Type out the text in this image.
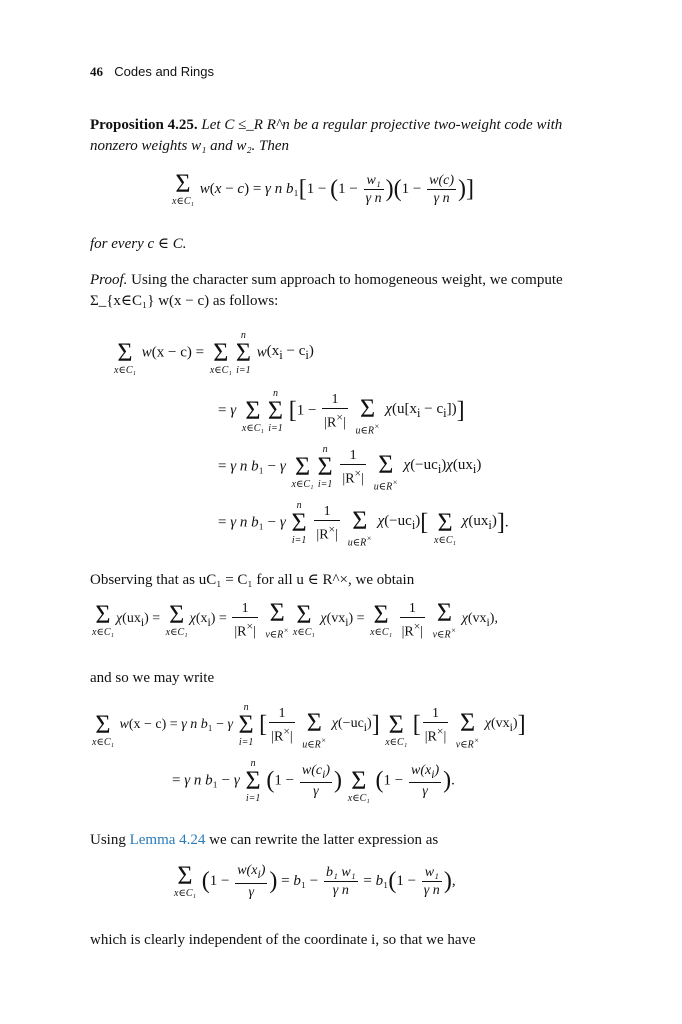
46 Codes and Rings
Proposition 4.25. Let C ≤_R R^n be a regular projective two-weight code with nonzero weights w₁ and w₂. Then
Σ
x∈C₁
w(x − c) = γ n $b_1[1 - (1 - \frac{\text{w₁}}{\text{γ n}} )(1 - \frac{w(c)}{\text{γ n}}$ )]
for every c ∈ C.
Proof. Using the character sum approach to homogeneous weight, we compute
Σ_{x∈C₁} w(x − c) as follows:

Σ
x∈C₁
w(x − c) =
Σ
x∈C₁
n
Σ
i=1
$w(x_i - c_i)$
= γ
Σ
x∈C₁
n
Σ
i=1
[$1 - \frac{1}{|R^\times|}$

Σ
u∈R×
$\chi(u[x_i - c_i])$]
= γ n b₁ − γ
Σ
x∈C₁
n
Σ
i=1
$\frac{1}{|R^\times|}$

Σ
u∈R×
$\chi(-uc_i)\chi(ux_i)$
= γ n b₁ − γ
n
Σ
i=1
$\frac{1}{|R^\times|}$

Σ
u∈R×
$\chi(-uc_i)$[
Σ
x∈C₁
$\chi(ux_i)$].
Observing that as uC₁ = C₁ for all u ∈ R^×, we obtain
Σ
x∈C₁
$\chi(ux_i) = \Sigma$
x∈C₁
$\chi(x_i) = \frac{1}{|R^\times|}$
Σ
v∈R×
Σ
x∈C₁
$\chi(vx_i) = \Sigma$
x∈C₁
$\frac{1}{|R^\times|}$
Σ
v∈R×
$\chi(vx_i)$,
and so we may write

Σ
x∈C₁
w(x − c) = γ n b₁ − γ
n
Σ
i=1
[ $\frac{1}{|R^\times|}$

Σ
u∈R×
$\chi(-uc_i)$]
Σ
x∈C₁
[ $\frac{1}{|R^\times|}$

Σ
v∈R×
$\chi(vx_i)$]
= γ n b₁ − γ
n
Σ
i=1
($1 - \frac{w(c_i)}{\gamma}$ )
Σ
x∈C₁
($1 - \frac{w(x_i)}{\gamma}$ ).
Using Lemma 4.24 we can rewrite the latter expression as
Σ
x∈C₁ ($1 - \frac{w(x_i)}{\gamma}$ ) = $b_1 - \frac{\text{b₁ w₁}}{\text{γ n}} = b_1(1 - \frac{\text{w₁}}{\text{γ n}}$ ),
which is clearly independent of the coordinate i, so that we have
